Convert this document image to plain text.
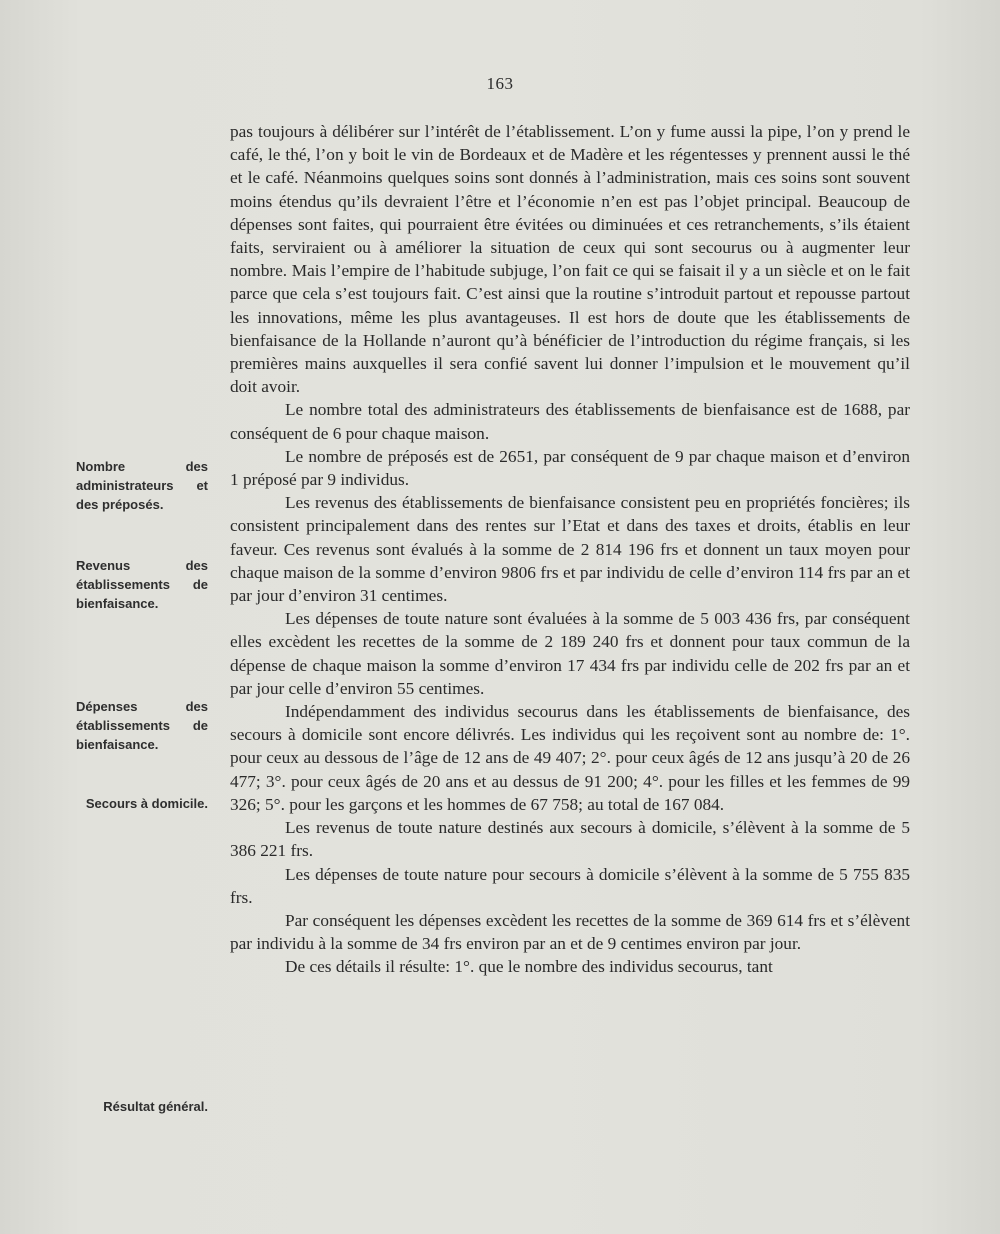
163

pas toujours à délibérer sur l’intérêt de l’établissement. L’on y fume aussi la pipe, l’on y prend le café, le thé, l’on y boit le vin de Bordeaux et de Madère et les régentesses y prennent aussi le thé et le café. Néanmoins quelques soins sont donnés à l’administration, mais ces soins sont souvent moins étendus qu’ils devraient l’être et l’économie n’en est pas l’objet principal. Beaucoup de dépenses sont faites, qui pourraient être évitées ou diminuées et ces retranchements, s’ils étaient faits, serviraient ou à améliorer la situation de ceux qui sont secourus ou à augmenter leur nombre. Mais l’empire de l’habitude subjuge, l’on fait ce qui se faisait il y a un siècle et on le fait parce que cela s’est toujours fait. C’est ainsi que la routine s’introduit partout et repousse partout les innovations, même les plus avantageuses. Il est hors de doute que les établissements de bienfaisance de la Hollande n’auront qu’à bénéficier de l’introduction du régime français, si les premières mains auxquelles il sera confié savent lui donner l’impulsion et le mouvement qu’il doit avoir.

Le nombre total des administrateurs des établissements de bienfaisance est de 1688, par conséquent de 6 pour chaque maison.

Le nombre de préposés est de 2651, par conséquent de 9 par chaque maison et d’environ 1 préposé par 9 individus.

Les revenus des établissements de bienfaisance consistent peu en propriétés foncières; ils consistent principalement dans des rentes sur l’Etat et dans des taxes et droits, établis en leur faveur. Ces revenus sont évalués à la somme de 2 814 196 frs et donnent un taux moyen pour chaque maison de la somme d’environ 9806 frs et par individu de celle d’environ 114 frs par an et par jour d’environ 31 centimes.

Les dépenses de toute nature sont évaluées à la somme de 5 003 436 frs, par conséquent elles excèdent les recettes de la somme de 2 189 240 frs et donnent pour taux commun de la dépense de chaque maison la somme d’environ 17 434 frs par individu celle de 202 frs par an et par jour celle d’environ 55 centimes.

Indépendamment des individus secourus dans les établissements de bienfaisance, des secours à domicile sont encore délivrés. Les individus qui les reçoivent sont au nombre de: 1°. pour ceux au dessous de l’âge de 12 ans de 49 407; 2°. pour ceux âgés de 12 ans jusqu’à 20 de 26 477; 3°. pour ceux âgés de 20 ans et au dessus de 91 200; 4°. pour les filles et les femmes de 99 326; 5°. pour les garçons et les hommes de 67 758; au total de 167 084.

Les revenus de toute nature destinés aux secours à domicile, s’élèvent à la somme de 5 386 221 frs.

Les dépenses de toute nature pour secours à domicile s’élèvent à la somme de 5 755 835 frs.

Par conséquent les dépenses excèdent les recettes de la somme de 369 614 frs et s’élèvent par individu à la somme de 34 frs environ par an et de 9 centimes environ par jour.

De ces détails il résulte: 1°. que le nombre des individus secourus, tant

Nombre des administrateurs et des préposés.
Revenus des établissements de bienfaisance.
Dépenses des établissements de bienfaisance.
Secours à domicile.
Résultat général.
